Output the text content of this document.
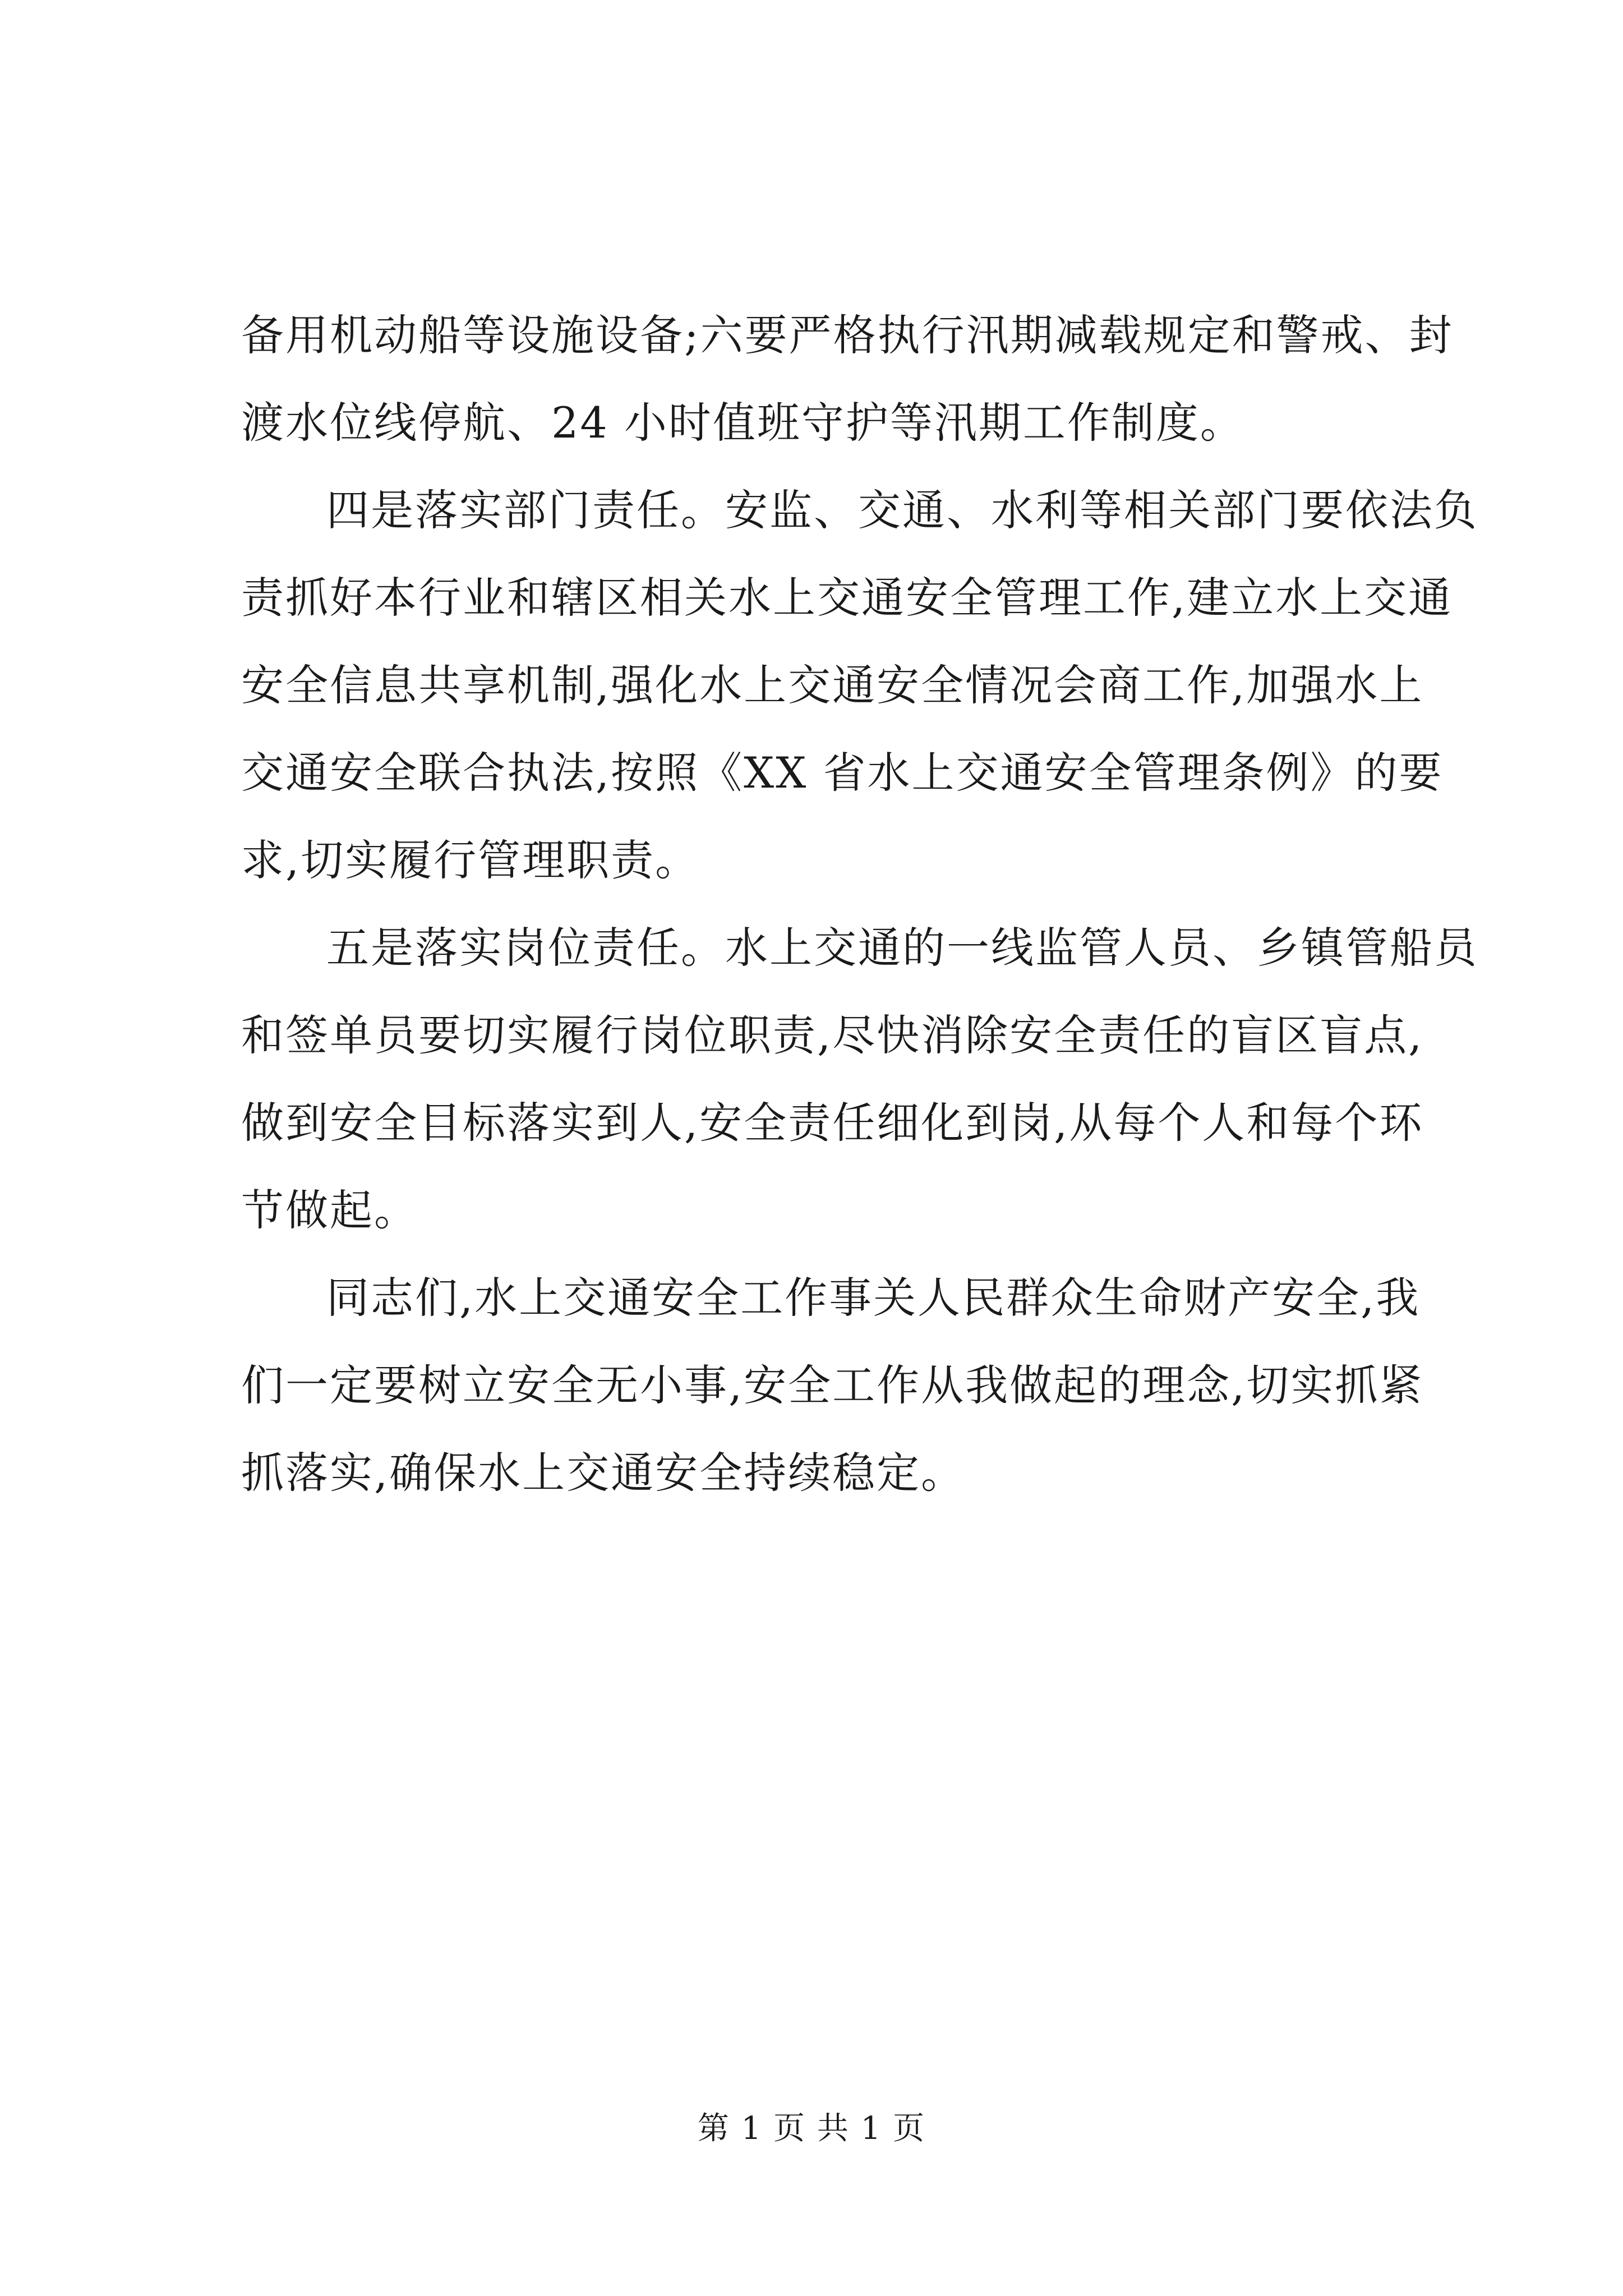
备用机动船等设施设备;六要严格执行汛期减载规定和警戒、封
渡水位线停航、24 小时值班守护等汛期工作制度。
四是落实部门责任。安监、交通、水利等相关部门要依法负
责抓好本行业和辖区相关水上交通安全管理工作,建立水上交通
安全信息共享机制,强化水上交通安全情况会商工作,加强水上
交通安全联合执法,按照《XX 省水上交通安全管理条例》的要
求,切实履行管理职责。
五是落实岗位责任。水上交通的一线监管人员、乡镇管船员
和签单员要切实履行岗位职责,尽快消除安全责任的盲区盲点,
做到安全目标落实到人,安全责任细化到岗,从每个人和每个环
节做起。
同志们,水上交通安全工作事关人民群众生命财产安全,我
们一定要树立安全无小事,安全工作从我做起的理念,切实抓紧
抓落实,确保水上交通安全持续稳定。
第 1 页 共 1 页
